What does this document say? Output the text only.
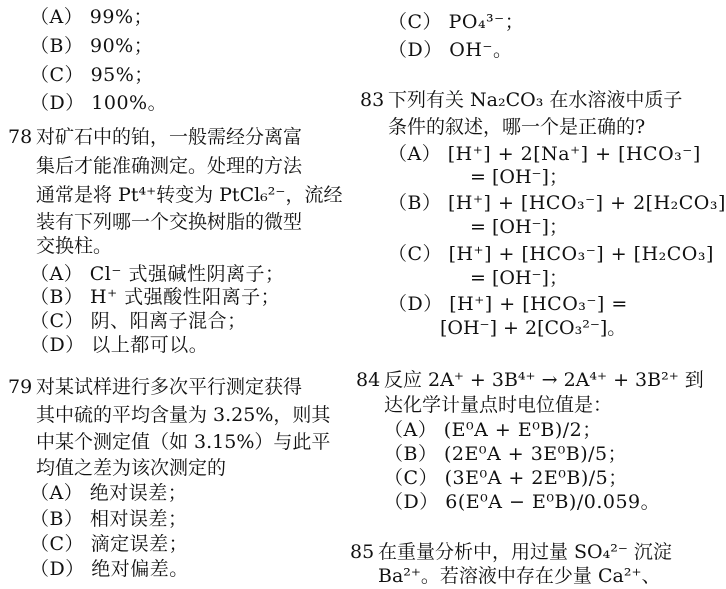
（A） 99%；
（B） 90%；
（C） 95%；
（D） 100%。
78 对矿石中的铂，一般需经分离富
集后才能准确测定。处理的方法
通常是将 Pt⁴⁺转变为 PtCl₆²⁻，流经
装有下列哪一个交换树脂的微型
交换柱。
（A） Cl⁻ 式强碱性阴离子；
（B） H⁺ 式强酸性阳离子；
（C） 阴、阳离子混合；
（D） 以上都可以。
79 对某试样进行多次平行测定获得
其中硫的平均含量为 3.25%，则其
中某个测定值（如 3.15%）与此平
均值之差为该次测定的
（A） 绝对误差；
（B） 相对误差；
（C） 滴定误差；
（D） 绝对偏差。
（C） PO₄³⁻；
（D） OH⁻。
83 下列有关 Na₂CO₃ 在水溶液中质子
条件的叙述，哪一个是正确的?
（A） [H⁺] + 2[Na⁺] + [HCO₃⁻]
= [OH⁻]；
（B） [H⁺] + [HCO₃⁻] + 2[H₂CO₃]
= [OH⁻]；
（C） [H⁺] + [HCO₃⁻] + [H₂CO₃]
= [OH⁻]；
（D） [H⁺] + [HCO₃⁻] =
[OH⁻] + 2[CO₃²⁻]。
84 反应 2A⁺ + 3B⁴⁺ → 2A⁴⁺ + 3B²⁺ 到
达化学计量点时电位值是：
（A） (E⁰A + E⁰B)/2；
（B） (2E⁰A + 3E⁰B)/5；
（C） (3E⁰A + 2E⁰B)/5；
（D） 6(E⁰A − E⁰B)/0.059。
85 在重量分析中，用过量 SO₄²⁻ 沉淀
Ba²⁺。若溶液中存在少量 Ca²⁺、
